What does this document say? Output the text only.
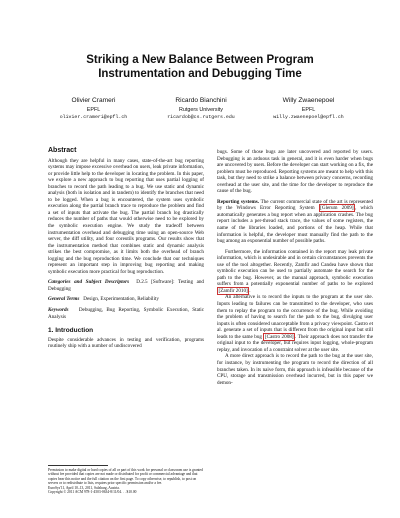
Striking a New Balance Between Program
Instrumentation and Debugging Time
Olivier Crameri
EPFL
olivier.crameri@epfl.ch
Ricardo Bianchini
Rutgers University
ricardob@cs.rutgers.edu
Willy Zwaenepoel
EPFL
willy.zwaenepoel@epfl.ch
Abstract

Although they are helpful in many cases, state-of-the-art bug reporting systems may impose excessive overhead on users, leak private information, or provide little help to the developer in locating the problem. In this paper, we explore a new approach to bug reporting that uses partial logging of branches to record the path leading to a bug. We use static and dynamic analysis (both in isolation and in tandem) to identify the branches that need to be logged. When a bug is encountered, the system uses symbolic execution along the partial branch trace to reproduce the problem and find a set of inputs that activate the bug. The partial branch log drastically reduces the number of paths that would otherwise need to be explored by the symbolic execution engine. We study the tradeoff between instrumentation overhead and debugging time using an open-source Web server, the diff utility, and four coreutils programs. Our results show that the instrumentation method that combines static and dynamic analysis strikes the best compromise, as it limits both the overhead of branch logging and the bug reproduction time. We conclude that our techniques represent an important step in improving bug reporting and making symbolic execution more practical for bug reproduction.

Categories and Subject Descriptors D.2.5 [Software]: Testing and Debugging

General Terms Design, Experimentation, Reliability

Keywords Debugging, Bug Reporting, Symbolic Execution, Static Analysis

1. Introduction

Despite considerable advances in testing and verification, programs routinely ship with a number of undiscovered

Permission to make digital or hard copies of all or part of this work for personal or classroom use is granted without fee provided that copies are not made or distributed for profit or commercial advantage and that copies bear this notice and the full citation on the first page. To copy otherwise, to republish, to post on servers or to redistribute to lists, requires prior specific permission and/or a fee.
EuroSys'11, April 10–13, 2011, Salzburg, Austria.
Copyright © 2011 ACM 978-1-4503-0634-8/11/04. . . $10.00

bugs. Some of those bugs are later uncovered and reported by users. Debugging is an arduous task in general, and it is even harder when bugs are uncovered by users. Before the developer can start working on a fix, the problem must be reproduced. Reporting systems are meant to help with this task, but they need to strike a balance between privacy concerns, recording overhead at the user site, and the time for the developer to reproduce the cause of the bug.

Reporting systems. The current commercial state of the art is represented by the Windows Error Reporting System [Glerum 2009] , which automatically generates a bug report when an application crashes. The bug report includes a per-thread stack trace, the values of some registers, the name of the libraries loaded, and portions of the heap. While that information is helpful, the developer must manually find the path to the bug among an exponential number of possible paths.

Furthermore, the information contained in the report may leak private information, which is undesirable and in certain circumstances prevents the use of the tool altogether. Recently, Zamfir and Candea have shown that symbolic execution can be used to partially automate the search for the path to the bug. However, as the manual approach, symbolic execution suffers from a potentially exponential number of paths to be explored [Zamfir 2010] .

An alternative is to record the inputs to the program at the user site. Inputs leading to failures can be transmitted to the developer, who uses them to replay the program to the occurrence of the bug. While avoiding the problem of having to search for the path to the bug, divulging user inputs is often considered unacceptable from a privacy viewpoint. Castro et al. generate a set of inputs that is different from the original input but still leads to the same bug [Castro 2008] . Their approach does not transfer the original input to the developer, but requires input logging, whole-program replay, and invocation of a constraint solver at the user site.

A more direct approach is to record the path to the bug at the user site, for instance, by instrumenting the program to record the direction of all branches taken. In its naive form, this approach is infeasible because of the CPU, storage and transmission overhead incurred, but in this paper we demon-
